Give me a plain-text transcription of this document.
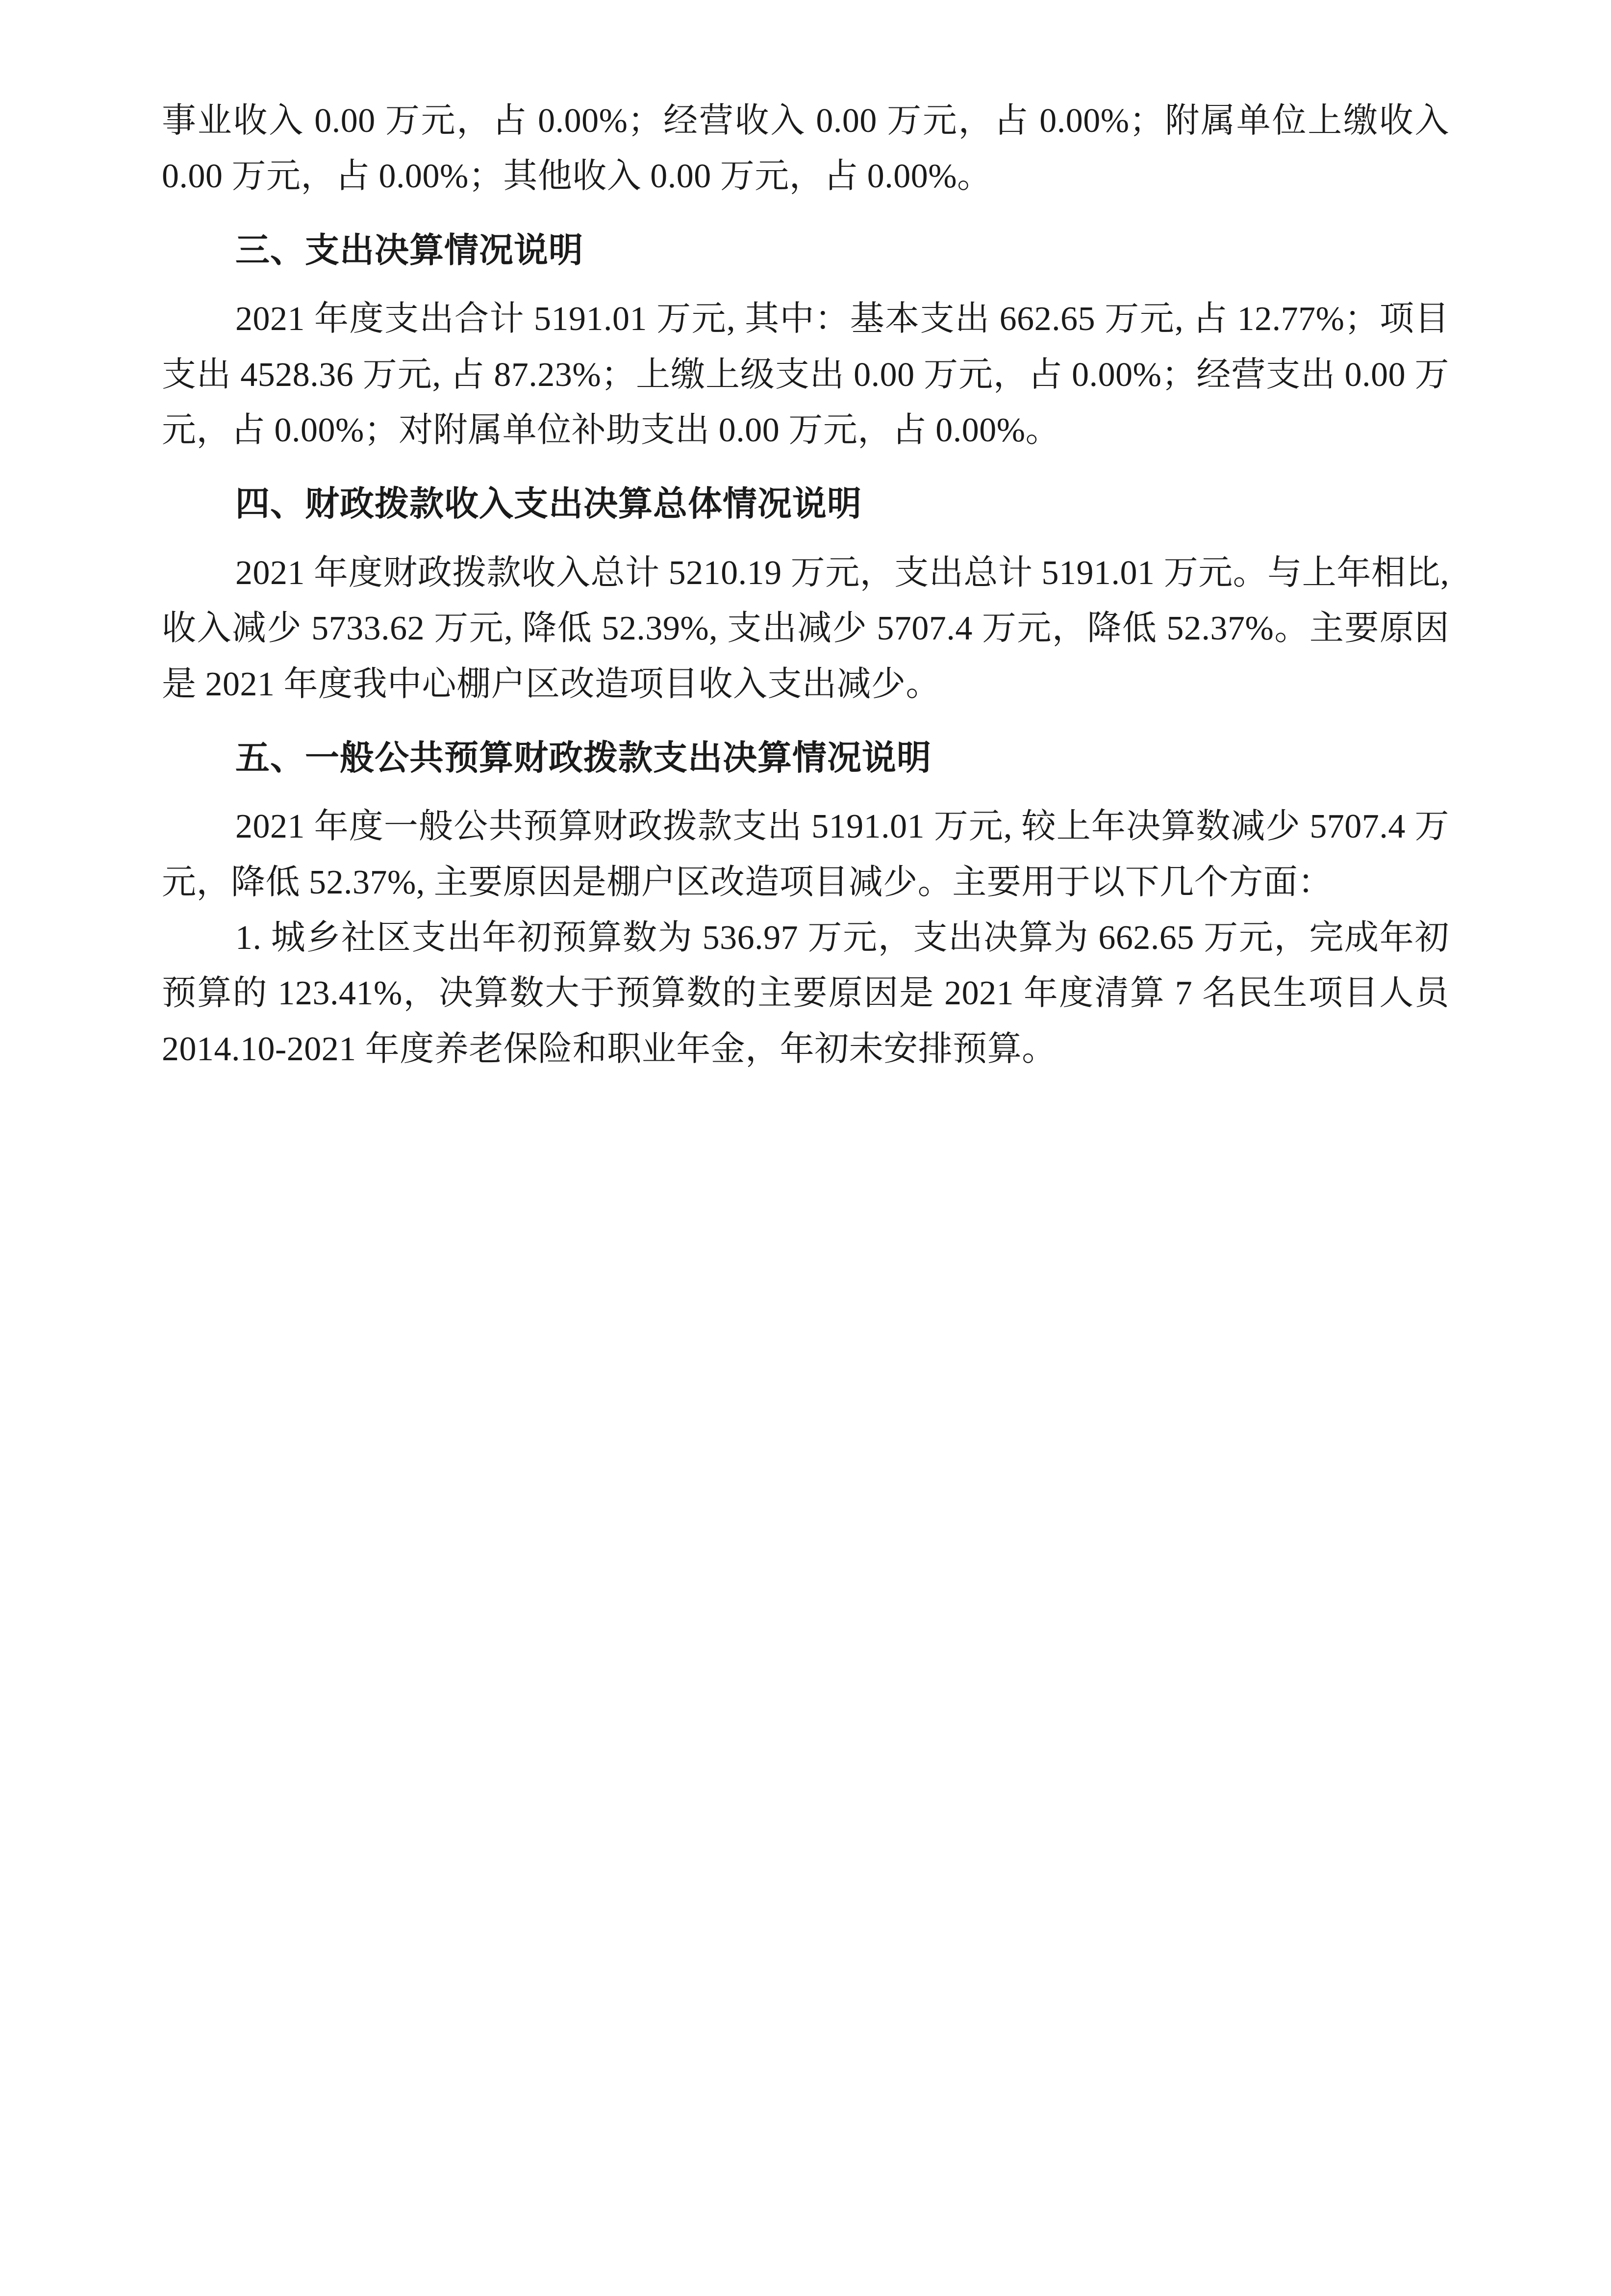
事业收入 0.00 万元，占 0.00%；经营收入 0.00 万元，占 0.00%；附属单位上缴收入 0.00 万元，占 0.00%；其他收入 0.00 万元，占 0.00%。

三、支出决算情况说明

2021 年度支出合计 5191.01 万元, 其中：基本支出 662.65 万元, 占 12.77%；项目支出 4528.36 万元, 占 87.23%；上缴上级支出 0.00 万元，占 0.00%；经营支出 0.00 万元，占 0.00%；对附属单位补助支出 0.00 万元，占 0.00%。

四、财政拨款收入支出决算总体情况说明

2021 年度财政拨款收入总计 5210.19 万元，支出总计 5191.01 万元。与上年相比, 收入减少 5733.62 万元, 降低 52.39%, 支出减少 5707.4 万元，降低 52.37%。主要原因是 2021 年度我中心棚户区改造项目收入支出减少。

五、一般公共预算财政拨款支出决算情况说明

2021 年度一般公共预算财政拨款支出 5191.01 万元, 较上年决算数减少 5707.4 万元，降低 52.37%, 主要原因是棚户区改造项目减少。主要用于以下几个方面：

1. 城乡社区支出年初预算数为 536.97 万元，支出决算为 662.65 万元，完成年初预算的 123.41%，决算数大于预算数的主要原因是 2021 年度清算 7 名民生项目人员 2014.10-2021 年度养老保险和职业年金，年初未安排预算。
